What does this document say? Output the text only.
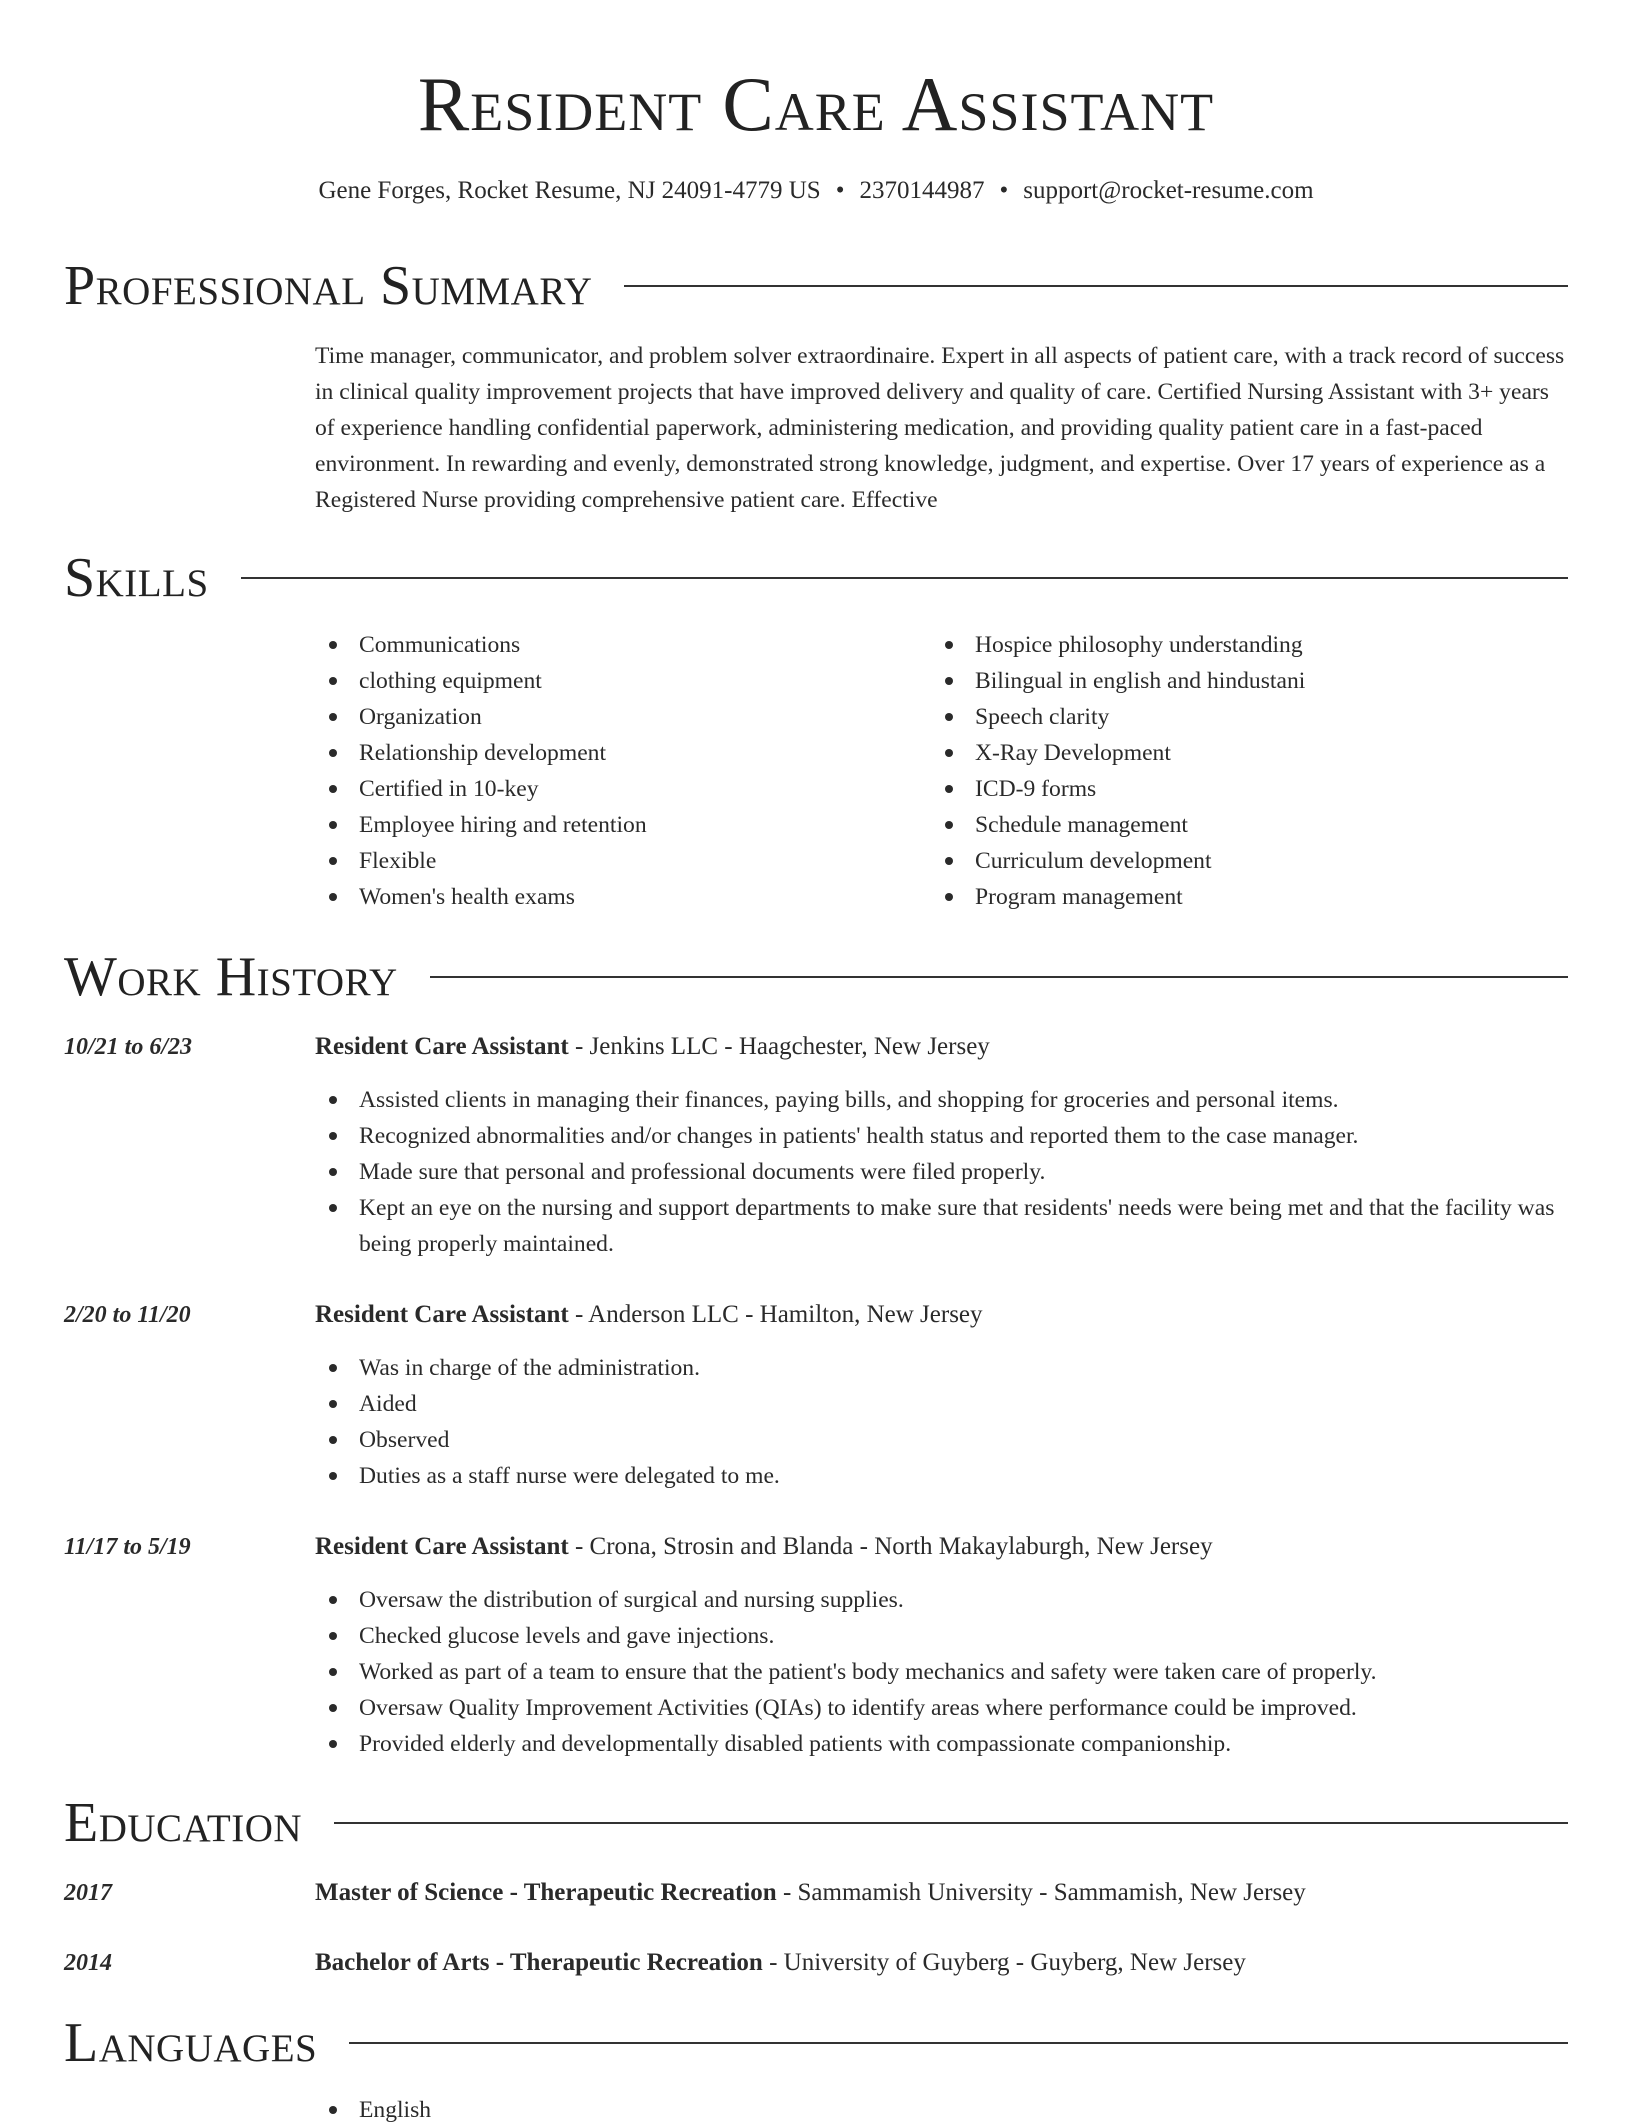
Resident Care Assistant
Gene Forges, Rocket Resume, NJ 24091-4779 US • 2370144987 • support@rocket-resume.com
Professional Summary

Time manager, communicator, and problem solver extraordinaire. Expert in all aspects of patient care, with a track record of success in clinical quality improvement projects that have improved delivery and quality of care. Certified Nursing Assistant with 3+ years of experience handling confidential paperwork, administering medication, and providing quality patient care in a fast-paced environment. In rewarding and evenly, demonstrated strong knowledge, judgment, and expertise. Over 17 years of experience as a Registered Nurse providing comprehensive patient care. Effective

Skills
Communications
clothing equipment
Organization
Relationship development
Certified in 10-key
Employee hiring and retention
Flexible
Women's health exams
Hospice philosophy understanding
Bilingual in english and hindustani
Speech clarity
X-Ray Development
ICD-9 forms
Schedule management
Curriculum development
Program management
Work History
10/21 to 6/23	Resident Care Assistant - Jenkins LLC - Haagchester, New Jersey
Assisted clients in managing their finances, paying bills, and shopping for groceries and personal items.
Recognized abnormalities and/or changes in patients' health status and reported them to the case manager.
Made sure that personal and professional documents were filed properly.
Kept an eye on the nursing and support departments to make sure that residents' needs were being met and that the facility was being properly maintained.
2/20 to 11/20	Resident Care Assistant - Anderson LLC - Hamilton, New Jersey
Was in charge of the administration.
Aided
Observed
Duties as a staff nurse were delegated to me.
11/17 to 5/19	Resident Care Assistant - Crona, Strosin and Blanda - North Makaylaburgh, New Jersey
Oversaw the distribution of surgical and nursing supplies.
Checked glucose levels and gave injections.
Worked as part of a team to ensure that the patient's body mechanics and safety were taken care of properly.
Oversaw Quality Improvement Activities (QIAs) to identify areas where performance could be improved.
Provided elderly and developmentally disabled patients with compassionate companionship.
Education
2017	Master of Science - Therapeutic Recreation - Sammamish University - Sammamish, New Jersey
2014	Bachelor of Arts - Therapeutic Recreation - University of Guyberg - Guyberg, New Jersey
Languages
English
